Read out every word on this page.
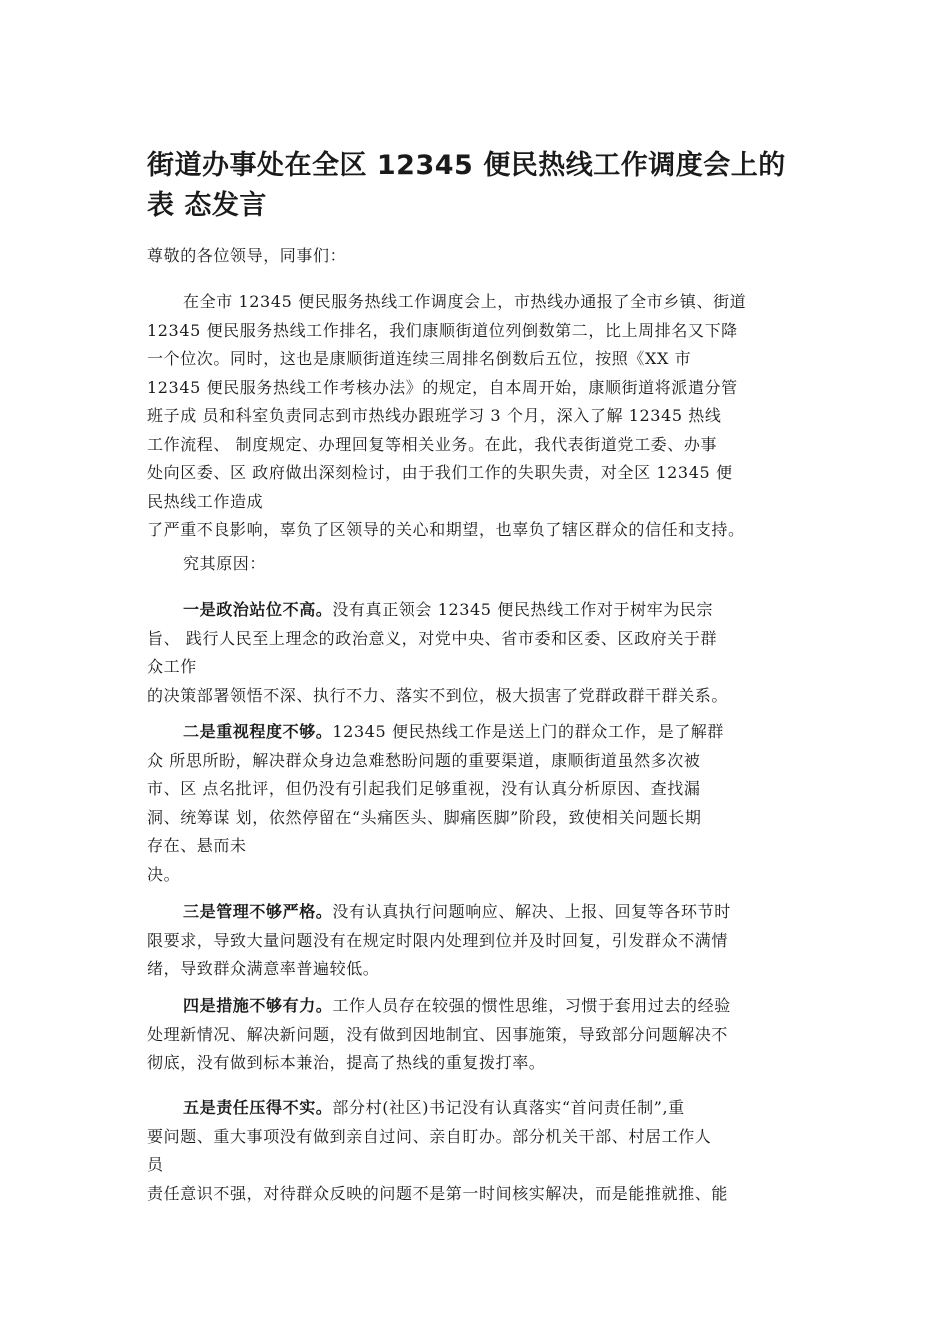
街道办事处在全区 12345 便民热线工作调度会上的
表 态发言

尊敬的各位领导，同事们：

在全市 12345 便民服务热线工作调度会上，市热线办通报了全市乡镇、街道
12345 便民服务热线工作排名，我们康顺街道位列倒数第二，比上周排名又下降
一个位次。同时，这也是康顺街道连续三周排名倒数后五位，按照《XX 市
12345 便民服务热线工作考核办法》的规定，自本周开始，康顺街道将派遣分管
班子成 员和科室负责同志到市热线办跟班学习 3 个月，深入了解 12345 热线
工作流程、 制度规定、办理回复等相关业务。在此，我代表街道党工委、办事
处向区委、区 政府做出深刻检讨，由于我们工作的失职失责，对全区 12345 便
民热线工作造成
了严重不良影响，辜负了区领导的关心和期望，也辜负了辖区群众的信任和支持。

究其原因：

一是政治站位不高。没有真正领会 12345 便民热线工作对于树牢为民宗
旨、 践行人民至上理念的政治意义，对党中央、省市委和区委、区政府关于群
众工作
的决策部署领悟不深、执行不力、落实不到位，极大损害了党群政群干群关系。

二是重视程度不够。12345 便民热线工作是送上门的群众工作，是了解群
众 所思所盼，解决群众身边急难愁盼问题的重要渠道，康顺街道虽然多次被
市、区 点名批评，但仍没有引起我们足够重视，没有认真分析原因、查找漏
洞、统筹谋 划，依然停留在“头痛医头、脚痛医脚”阶段，致使相关问题长期
存在、悬而未
决。

三是管理不够严格。没有认真执行问题响应、解决、上报、回复等各环节时
限要求，导致大量问题没有在规定时限内处理到位并及时回复，引发群众不满情
绪，导致群众满意率普遍较低。

四是措施不够有力。工作人员存在较强的惯性思维，习惯于套用过去的经验
处理新情况、解决新问题，没有做到因地制宜、因事施策，导致部分问题解决不
彻底，没有做到标本兼治，提高了热线的重复拨打率。

五是责任压得不实。部分村(社区)书记没有认真落实“首问责任制”,重
要问题、重大事项没有做到亲自过问、亲自盯办。部分机关干部、村居工作人
员
责任意识不强，对待群众反映的问题不是第一时间核实解决，而是能推就推、能
